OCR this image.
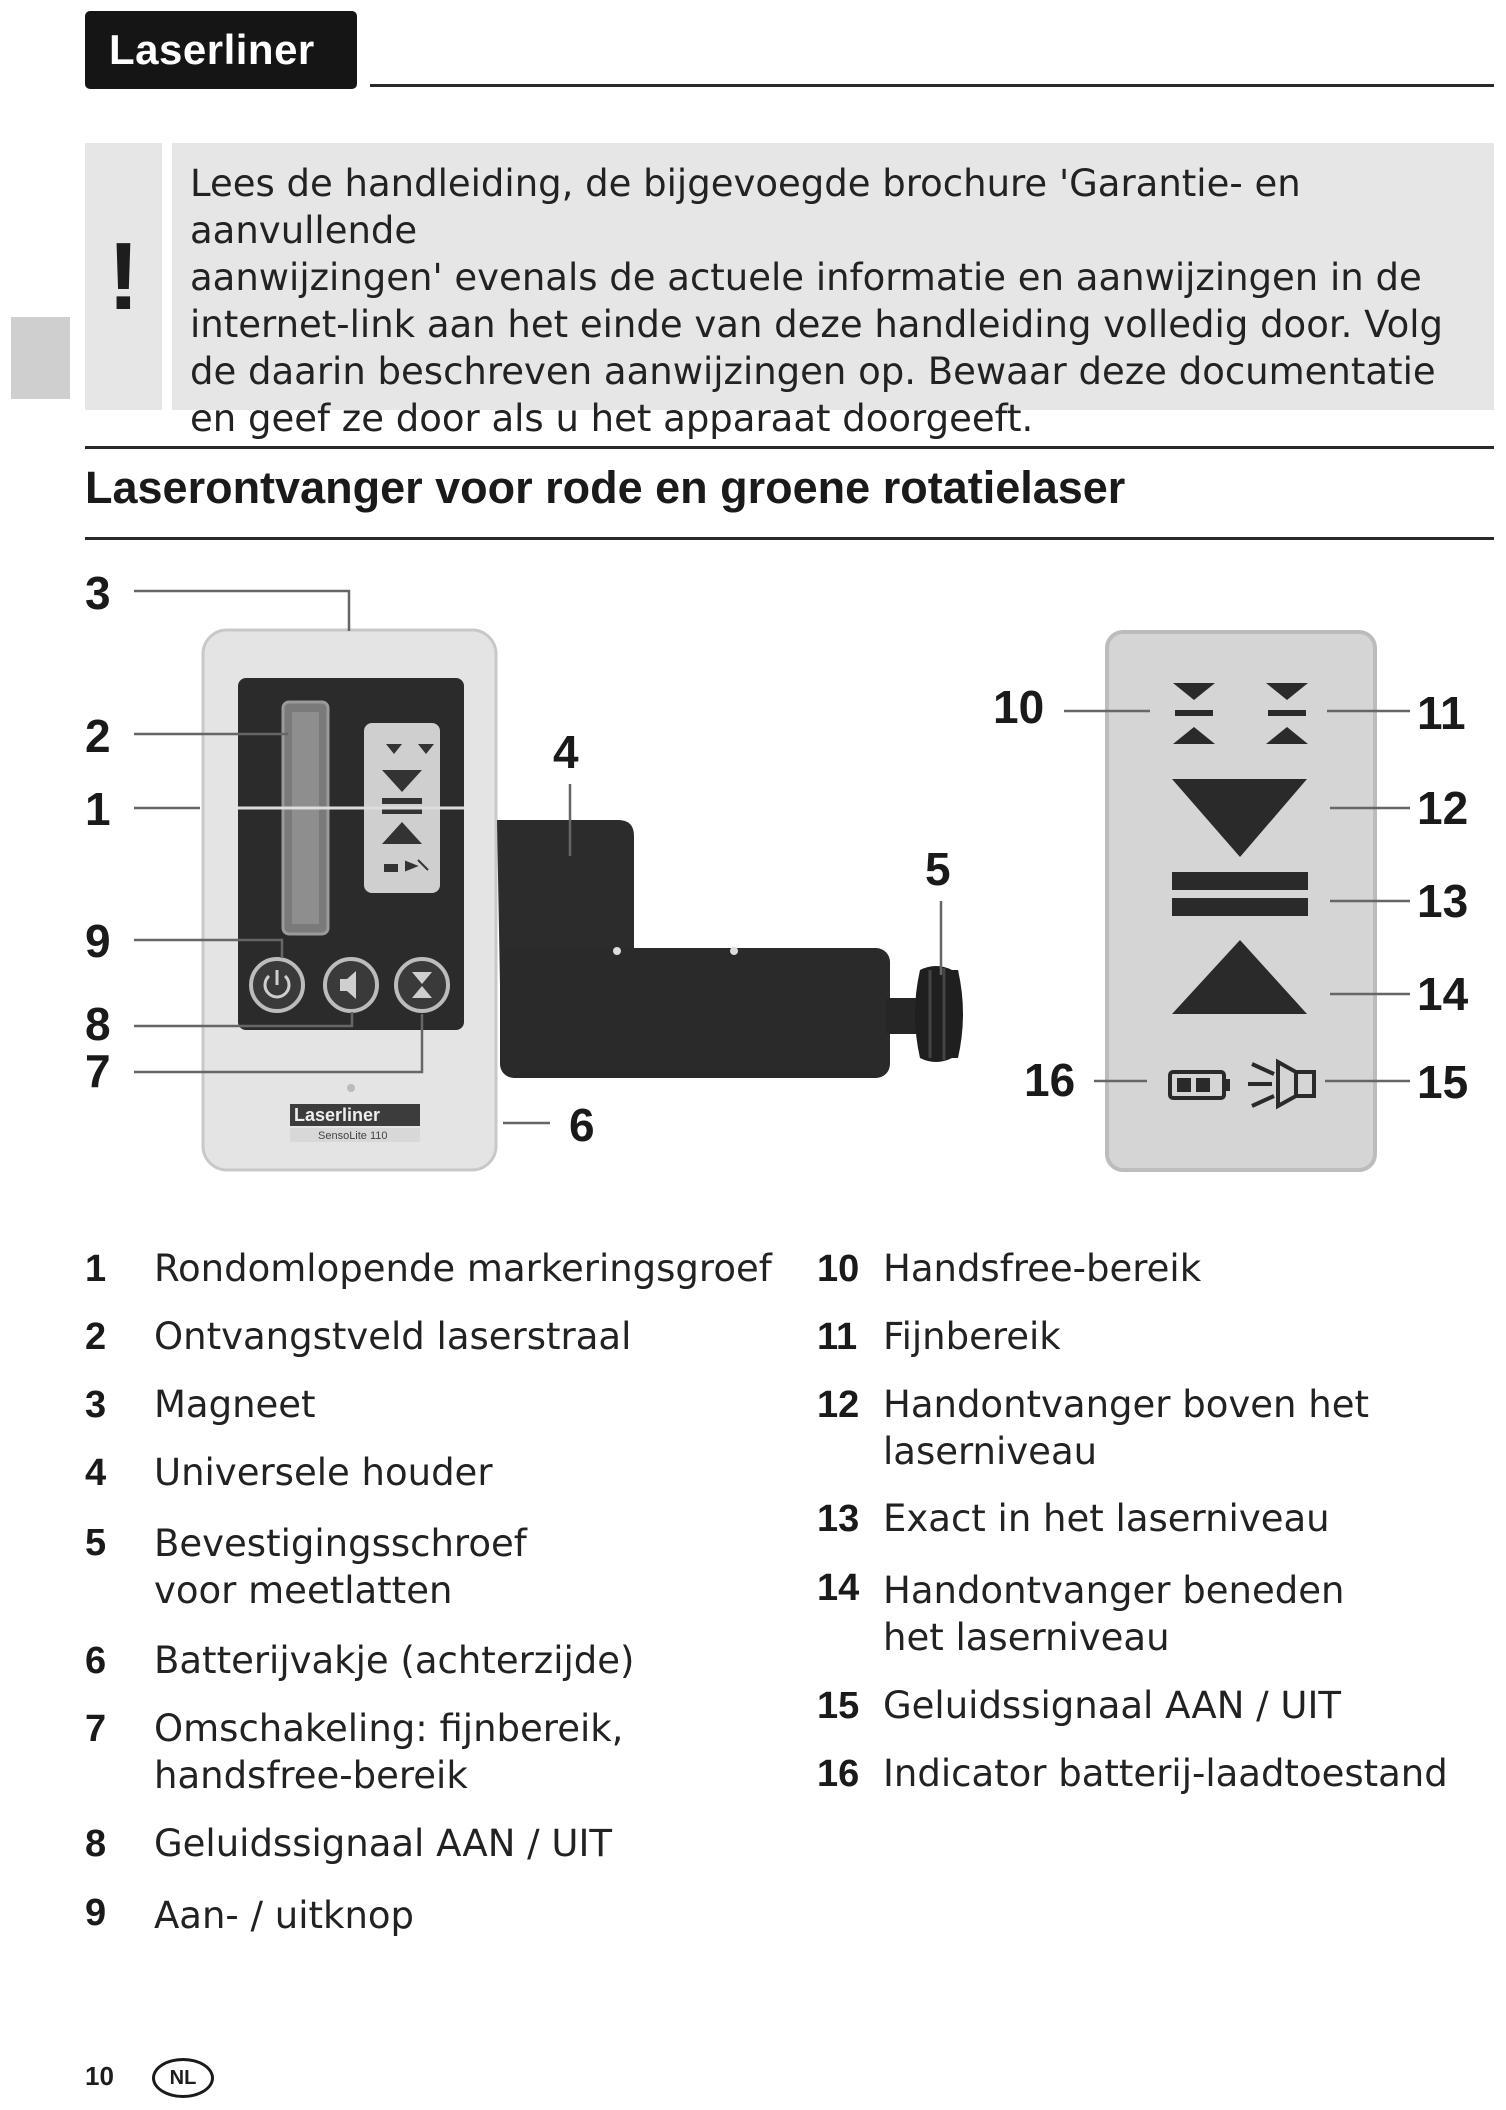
Laserliner
!
Lees de handleiding, de bijgevoegde brochure 'Garantie- en aanvullende
aanwijzingen' evenals de actuele informatie en aanwijzingen in de
internet-link aan het einde van deze handleiding volledig door. Volg
de daarin beschreven aanwijzingen op. Bewaar deze documentatie
en geef ze door als u het apparaat doorgeeft.
Laserontvanger voor rode en groene rotatielaser
Laserliner
SensoLite 110
3
2
1
9
8
7
4
5
6
10	11
12
13
14
15
16
1 Rondomlopende markeringsgroef
2 Ontvangstveld laserstraal
3 Magneet
4 Universele houder
5 Bevestigingsschroef
voor meetlatten
6 Batterijvakje (achterzijde)
7 Omschakeling: fijnbereik,
handsfree-bereik
8 Geluidssignaal AAN / UIT
9 Aan- / uitknop
10 Handsfree-bereik
11 Fijnbereik
12 Handontvanger boven het
laserniveau
13 Exact in het laserniveau
14 Handontvanger beneden
het laserniveau
15 Geluidssignaal AAN / UIT
16 Indicator batterij-laadtoestand
10	NL
